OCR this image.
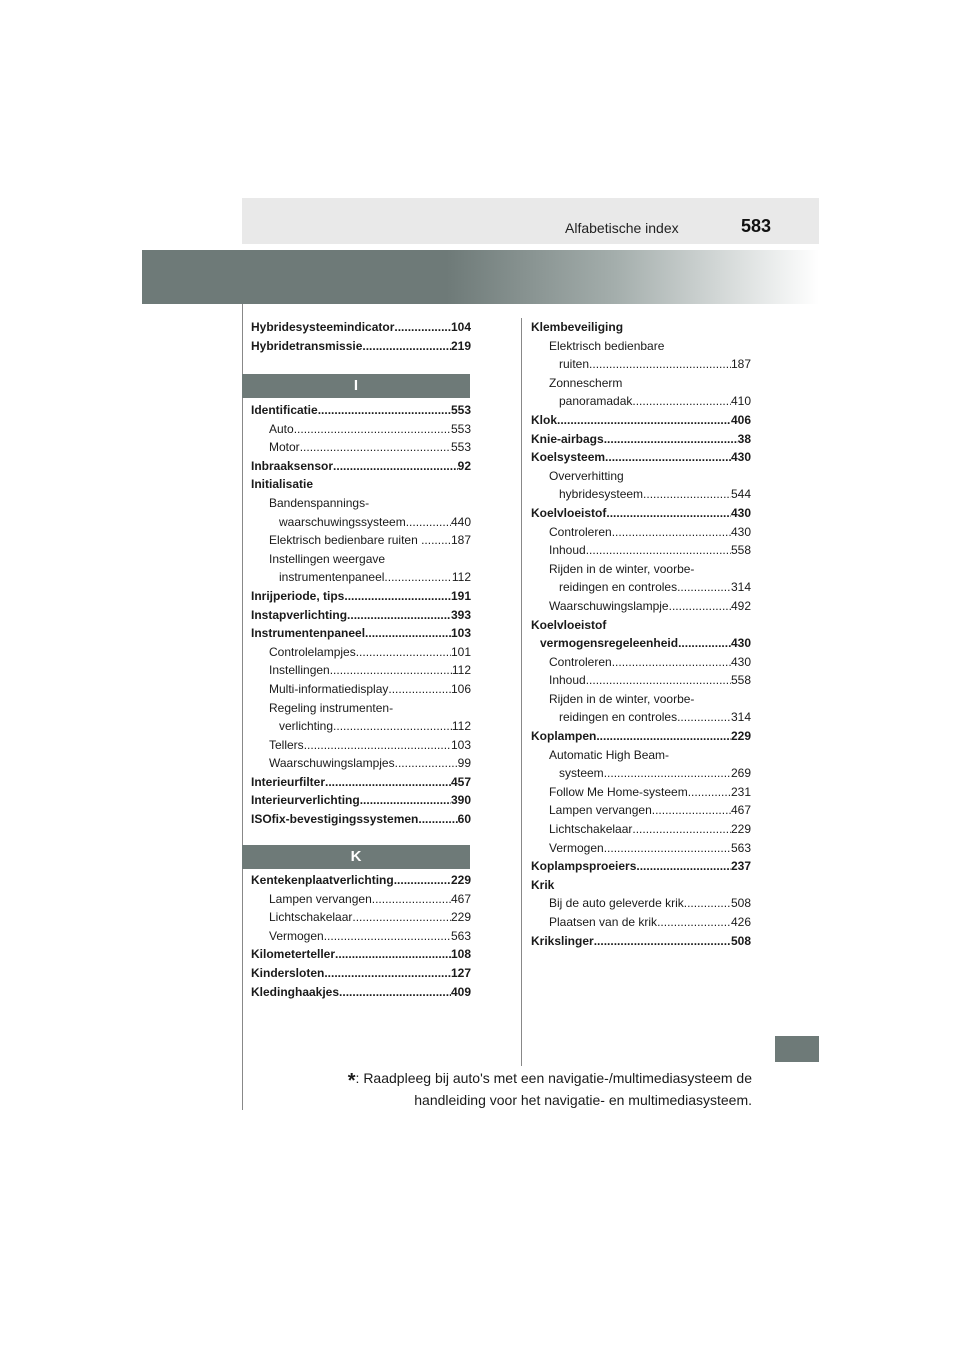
Alfabetische index	583
Hybridesysteemindicator .....	104
Hybridetransmissie .....	219
I
Identificatie .....	553
Auto .....	553
Motor .....	553
Inbraaksensor .....	92
Initialisatie
Bandenspannings-
waarschuwingssysteem .....	440
Elektrisch bedienbare ruiten . ..... 187
Instellingen weergave
instrumentenpaneel .....	112
Inrijperiode, tips .....	191
Instapverlichting .....	393
Instrumentenpaneel .....	103
Controlelampjes .....	101
Instellingen .....	112
Multi-informatiedisplay .....	106
Regeling instrumenten-
verlichting .....	112
Tellers .....	103
Waarschuwingslampjes .....	99
Interieurfilter .....	457
Interieurverlichting .....	390
ISOfix-bevestigingssystemen .....	60
K
Kentekenplaatverlichting .....	229
Lampen vervangen .....	467
Lichtschakelaar .....	229
Vermogen .....	563
Kilometerteller .....	108
Kindersloten .....	127
Kledinghaakjes .....	409
Klembeveiliging
Elektrisch bedienbare
ruiten .....	187
Zonnescherm
panoramadak .....	410
Klok .....	406
Knie-airbags .....	38
Koelsysteem .....	430
Oververhitting
hybridesysteem .....	544
Koelvloeistof .....	430
Controleren .....	430
Inhoud .....	558
Rijden in de winter, voorbe-
reidingen en controles .....	314
Waarschuwingslampje .....	492
Koelvloeistof
vermogensregeleenheid .....	430
Controleren .....	430
Inhoud .....	558
Rijden in de winter, voorbe-
reidingen en controles .....	314
Koplampen .....	229
Automatic High Beam-
systeem .....	269
Follow Me Home-systeem .....	231
Lampen vervangen .....	467
Lichtschakelaar .....	229
Vermogen .....	563
Koplampsproeiers .....	237
Krik
Bij de auto geleverde krik .....	508
Plaatsen van de krik .....	426
Krikslinger .....	508
*: Raadpleeg bij auto's met een navigatie-/multimediasysteem de
handleiding voor het navigatie- en multimediasysteem.
